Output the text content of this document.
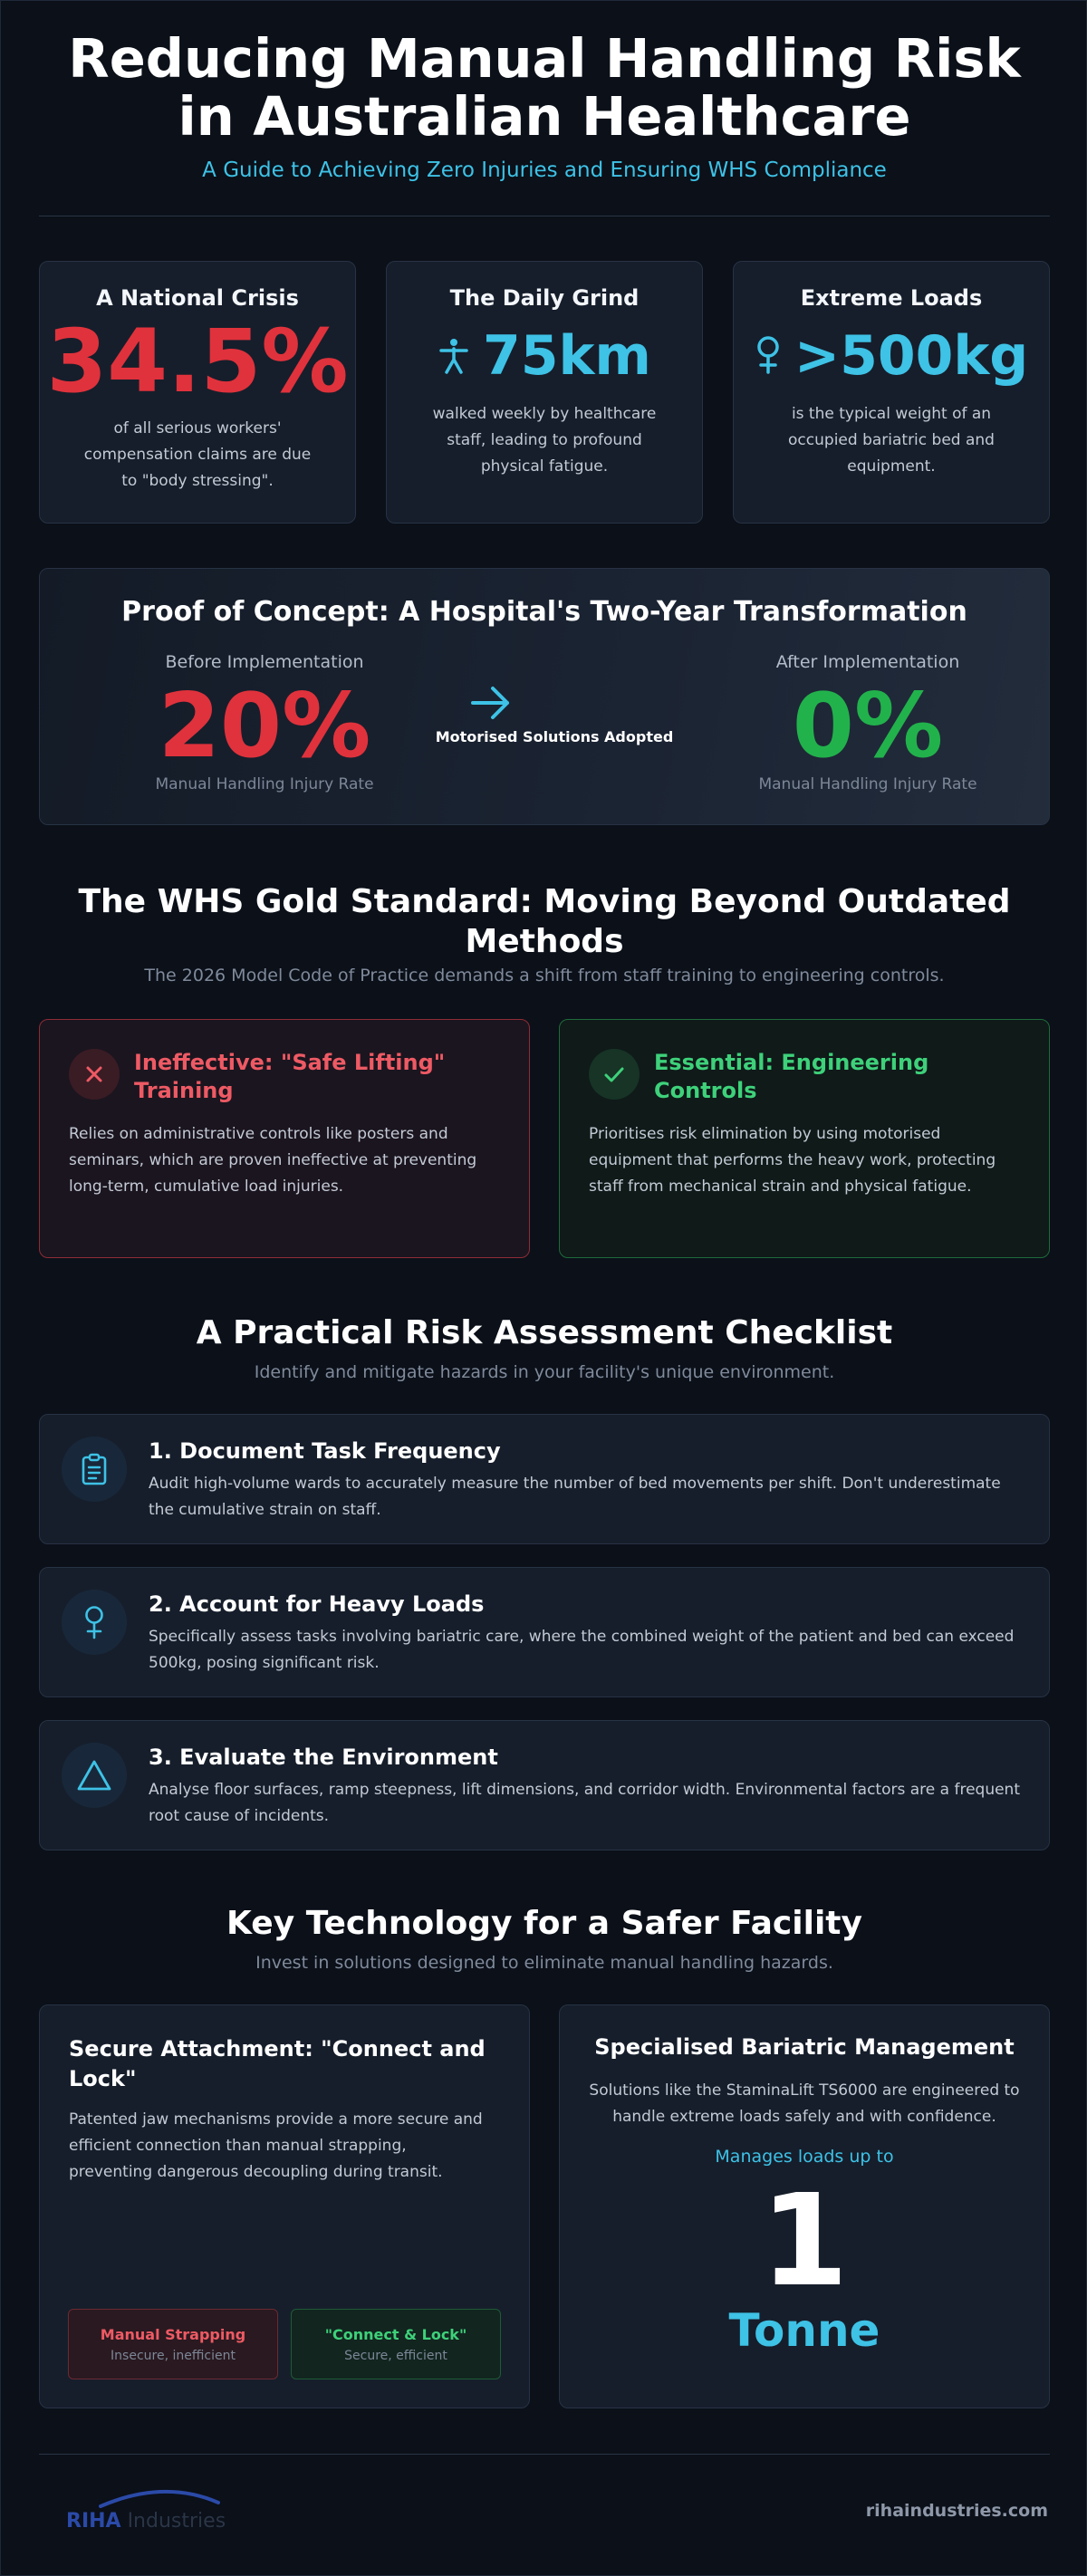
Reducing Manual Handling Risk in Australian Healthcare
A Guide to Achieving Zero Injuries and Ensuring WHS Compliance
A National Crisis
34.5%
of all serious workers' compensation claims are due to "body stressing".
The Daily Grind
75km
walked weekly by healthcare staff, leading to profound physical fatigue.
Extreme Loads
>500kg
is the typical weight of an occupied bariatric bed and equipment.
Proof of Concept: A Hospital's Two-Year Transformation
Before Implementation
20%
Manual Handling Injury Rate
Motorised Solutions Adopted
After Implementation
0%
Manual Handling Injury Rate
The WHS Gold Standard: Moving Beyond Outdated Methods
The 2026 Model Code of Practice demands a shift from staff training to engineering controls.
Ineffective: "Safe Lifting" Training
Relies on administrative controls like posters and seminars, which are proven ineffective at preventing long-term, cumulative load injuries.
Essential: Engineering Controls
Prioritises risk elimination by using motorised equipment that performs the heavy work, protecting staff from mechanical strain and physical fatigue.
A Practical Risk Assessment Checklist
Identify and mitigate hazards in your facility's unique environment.
1. Document Task Frequency
Audit high-volume wards to accurately measure the number of bed movements per shift. Don't underestimate the cumulative strain on staff.
2. Account for Heavy Loads
Specifically assess tasks involving bariatric care, where the combined weight of the patient and bed can exceed 500kg, posing significant risk.
3. Evaluate the Environment
Analyse floor surfaces, ramp steepness, lift dimensions, and corridor width. Environmental factors are a frequent root cause of incidents.
Key Technology for a Safer Facility
Invest in solutions designed to eliminate manual handling hazards.
Secure Attachment: "Connect and Lock"
Patented jaw mechanisms provide a more secure and efficient connection than manual strapping, preventing dangerous decoupling during transit.
Manual Strapping
Insecure, inefficient
"Connect & Lock"
Secure, efficient
Specialised Bariatric Management
Solutions like the StaminaLift TS6000 are engineered to handle extreme loads safely and with confidence.
Manages loads up to
1
Tonne
RIHA Industries	rihaindustries.com
